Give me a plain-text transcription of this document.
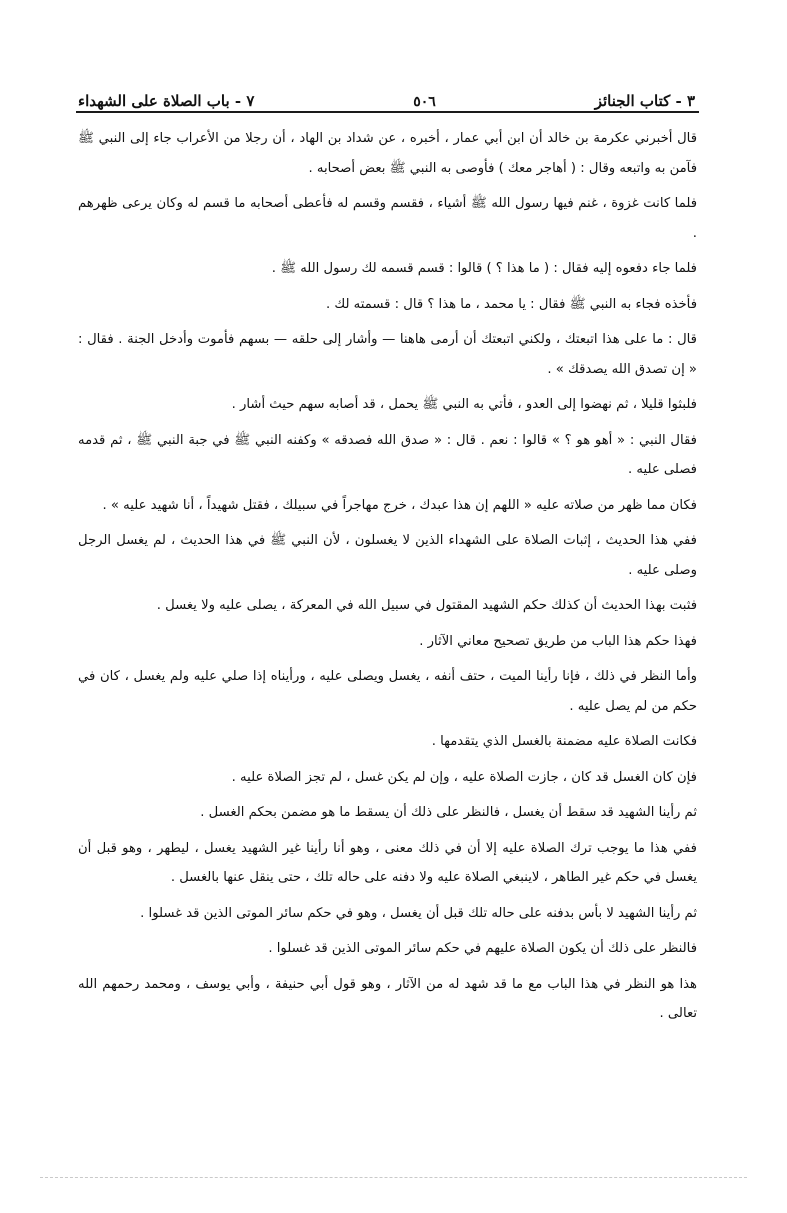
٣ - كتاب الجنائز
٥٠٦
٧ - باب الصلاة على الشهداء

قال أخبرني عكرمة بن خالد أن ابن أبي عمار ، أخبره ، عن شداد بن الهاد ، أن رجلا من الأعراب جاء إلى النبي ﷺ فآمن به واتبعه وقال : ( أهاجر معك ) فأوصى به النبي ﷺ بعض أصحابه .

فلما كانت غزوة ، غنم فيها رسول الله ﷺ أشياء ، فقسم وقسم له فأعطى أصحابه ما قسم له وكان يرعى ظهرهم .

فلما جاء دفعوه إليه فقال : ( ما هذا ؟ ) قالوا : قسم قسمه لك رسول الله ﷺ .

فأخذه فجاء به النبي ﷺ فقال : يا محمد ، ما هذا ؟ قال : قسمته لك .

قال : ما على هذا اتبعتك ، ولكني اتبعتك أن أرمى هاهنا — وأشار إلى حلقه — بسهم فأموت وأدخل الجنة . فقال : « إن تصدق الله يصدقك » .

فلبثوا قليلا ، ثم نهضوا إلى العدو ، فأتي به النبي ﷺ يحمل ، قد أصابه سهم حيث أشار .

فقال النبي : « أهو هو ؟ » قالوا : نعم . قال : « صدق الله فصدقه » وكفنه النبي ﷺ في جبة النبي ﷺ ، ثم قدمه فصلى عليه .

فكان مما ظهر من صلاته عليه « اللهم إن هذا عبدك ، خرج مهاجراً في سبيلك ، فقتل شهيداً ، أنا شهيد عليه » .

ففي هذا الحديث ، إثبات الصلاة على الشهداء الذين لا يغسلون ، لأن النبي ﷺ في هذا الحديث ، لم يغسل الرجل وصلى عليه .

فثبت بهذا الحديث أن كذلك حكم الشهيد المقتول في سبيل الله في المعركة ، يصلى عليه ولا يغسل .

فهذا حكم هذا الباب من طريق تصحيح معاني الآثار .

وأما النظر في ذلك ، فإنا رأينا الميت ، حتف أنفه ، يغسل ويصلى عليه ، ورأيناه إذا صلي عليه ولم يغسل ، كان في حكم من لم يصل عليه .

فكانت الصلاة عليه مضمنة بالغسل الذي يتقدمها .

فإن كان الغسل قد كان ، جازت الصلاة عليه ، وإن لم يكن غسل ، لم تجز الصلاة عليه .

ثم رأينا الشهيد قد سقط أن يغسل ، فالنظر على ذلك أن يسقط ما هو مضمن بحكم الغسل .

ففي هذا ما يوجب ترك الصلاة عليه إلا أن في ذلك معنى ، وهو أنا رأينا غير الشهيد يغسل ، ليطهر ، وهو قبل أن يغسل في حكم غير الطاهر ، لاينبغي الصلاة عليه ولا دفنه على حاله تلك ، حتى ينقل عنها بالغسل .

ثم رأينا الشهيد لا بأس بدفنه على حاله تلك قبل أن يغسل ، وهو في حكم سائر الموتى الذين قد غسلوا .

فالنظر على ذلك أن يكون الصلاة عليهم في حكم سائر الموتى الذين قد غسلوا .

هذا هو النظر في هذا الباب مع ما قد شهد له من الآثار ، وهو قول أبي حنيفة ، وأبي يوسف ، ومحمد رحمهم الله تعالى .
